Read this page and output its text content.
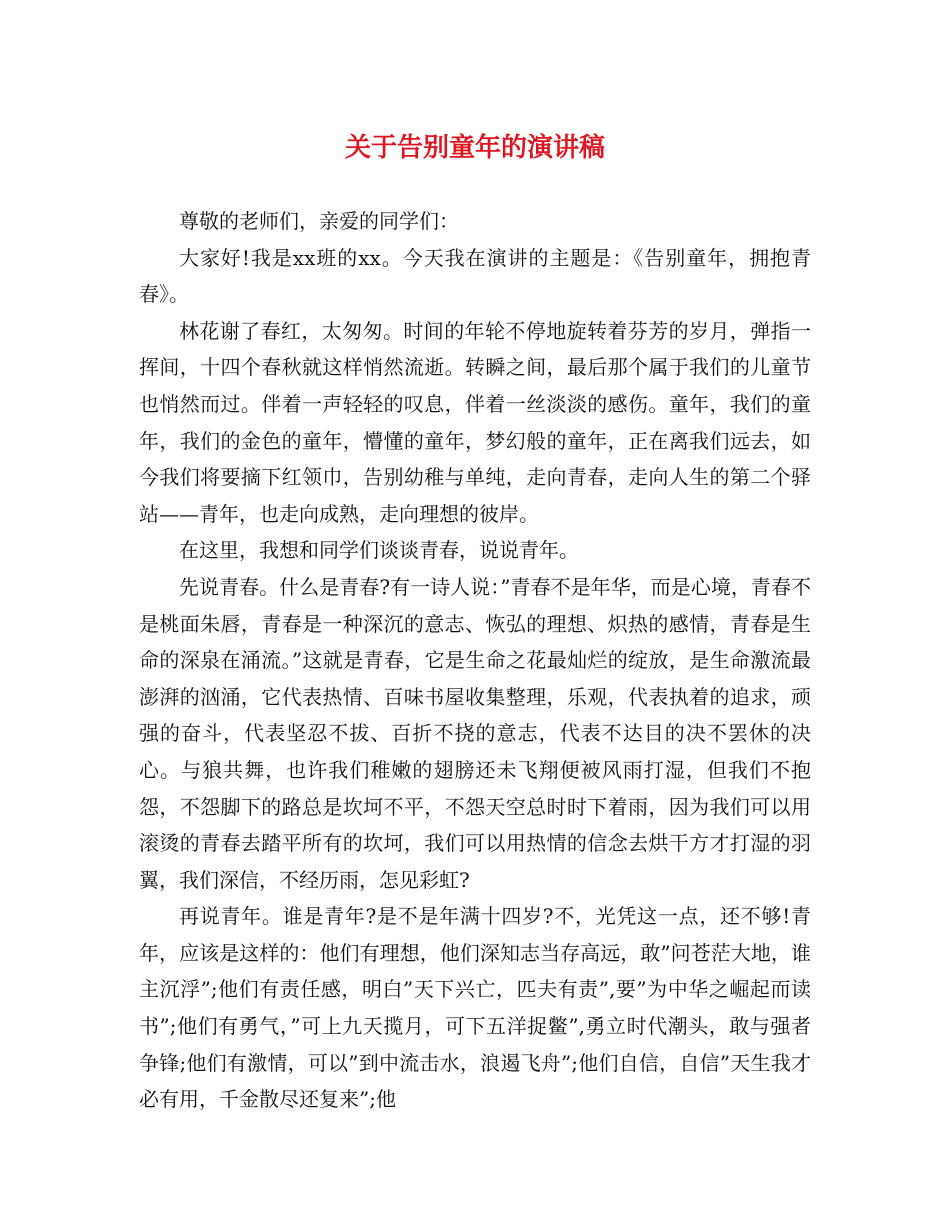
关于告别童年的演讲稿

尊敬的老师们，亲爱的同学们：

大家好!我是xx班的xx。今天我在演讲的主题是：《告别童年，拥抱青春》。

林花谢了春红，太匆匆。时间的年轮不停地旋转着芬芳的岁月，弹指一挥间，十四个春秋就这样悄然流逝。转瞬之间，最后那个属于我们的儿童节也悄然而过。伴着一声轻轻的叹息，伴着一丝淡淡的感伤。童年，我们的童年，我们的金色的童年，懵懂的童年，梦幻般的童年，正在离我们远去，如今我们将要摘下红领巾，告别幼稚与单纯，走向青春，走向人生的第二个驿站——青年，也走向成熟，走向理想的彼岸。

在这里，我想和同学们谈谈青春，说说青年。

先说青春。什么是青春?有一诗人说：”青春不是年华，而是心境，青春不是桃面朱唇，青春是一种深沉的意志、恢弘的理想、炽热的感情，青春是生命的深泉在涌流。”这就是青春，它是生命之花最灿烂的绽放，是生命激流最澎湃的汹涌，它代表热情、百味书屋收集整理，乐观，代表执着的追求，顽强的奋斗，代表坚忍不拔、百折不挠的意志，代表不达目的决不罢休的决心。与狼共舞，也许我们稚嫩的翅膀还未飞翔便被风雨打湿，但我们不抱怨，不怨脚下的路总是坎坷不平，不怨天空总时时下着雨，因为我们可以用滚烫的青春去踏平所有的坎坷，我们可以用热情的信念去烘干方才打湿的羽翼，我们深信，不经历雨，怎见彩虹?

再说青年。谁是青年?是不是年满十四岁?不，光凭这一点，还不够!青年，应该是这样的：他们有理想，他们深知志当存高远，敢”问苍茫大地，谁主沉浮”;他们有责任感，明白”天下兴亡，匹夫有责”,要”为中华之崛起而读书”;他们有勇气，”可上九天揽月，可下五洋捉鳖”,勇立时代潮头，敢与强者争锋;他们有激情，可以”到中流击水，浪遏飞舟”;他们自信，自信”天生我才必有用，千金散尽还复来”;他
